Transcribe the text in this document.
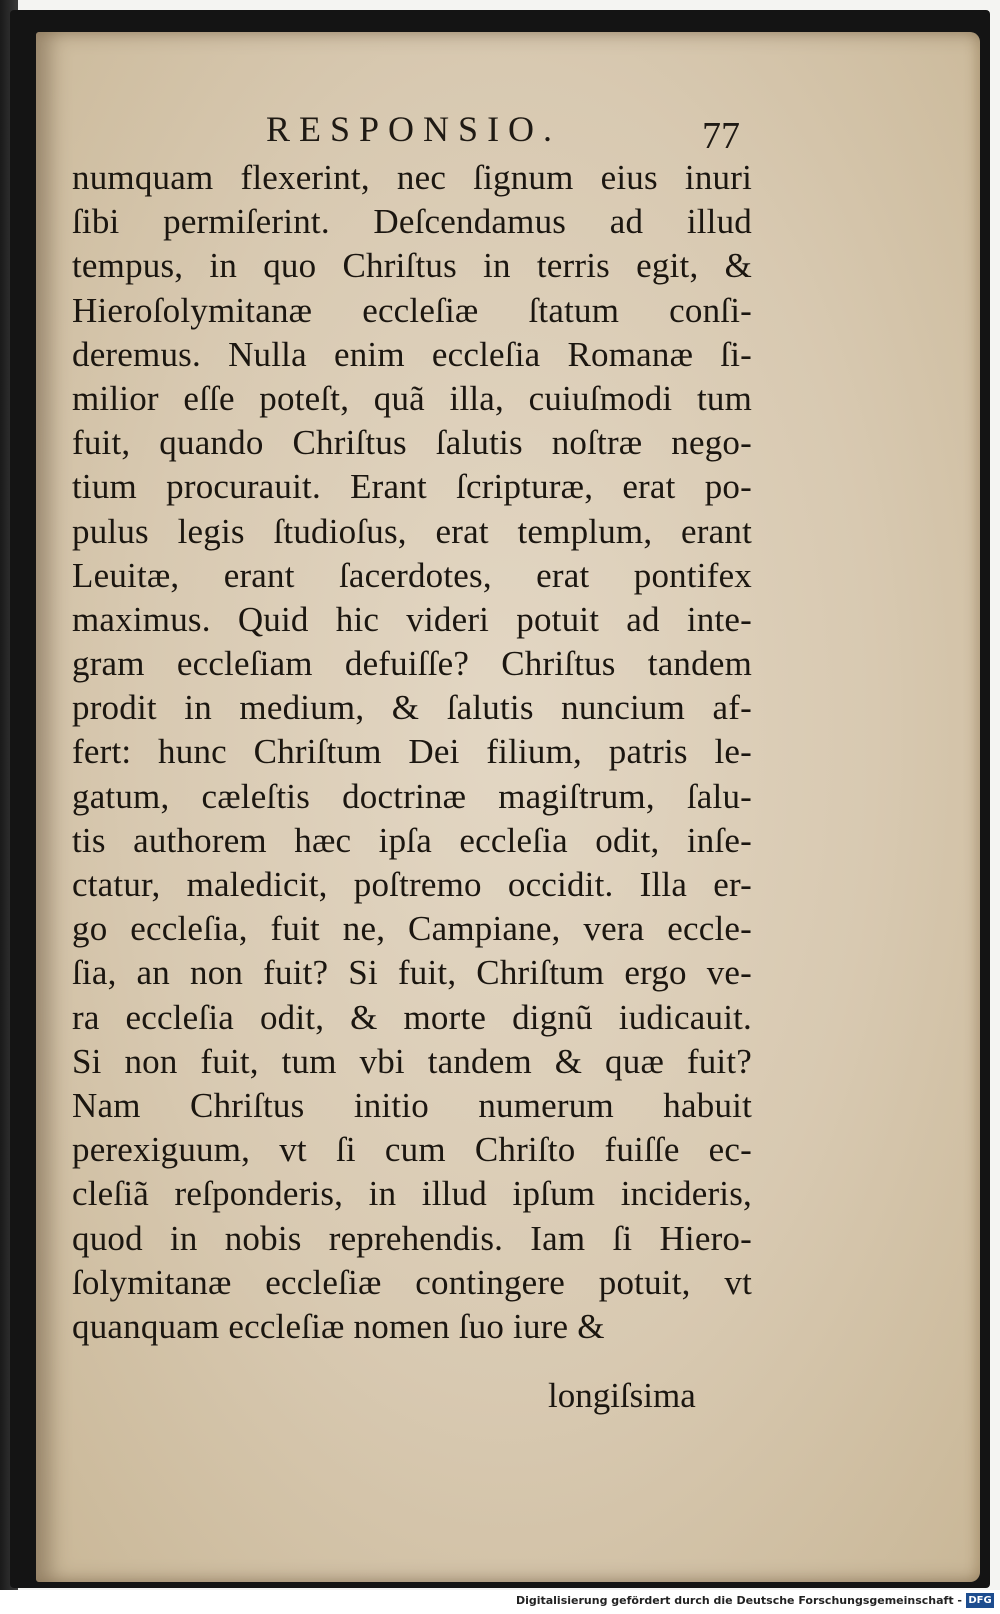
RESPONSIO.	77
numquam flexerint, nec ſignum eius inuri
ſibi permiſerint. Deſcendamus ad illud
tempus, in quo Chriſtus in terris egit, &
Hieroſolymitanæ eccleſiæ ſtatum conſi-
deremus. Nulla enim eccleſia Romanæ ſi-
milior eſſe poteſt, quã illa, cuiuſmodi tum
fuit, quando Chriſtus ſalutis noſtræ nego-
tium procurauit. Erant ſcripturæ, erat po-
pulus legis ſtudioſus, erat templum, erant
Leuitæ, erant ſacerdotes, erat pontifex
maximus. Quid hic videri potuit ad inte-
gram eccleſiam defuiſſe? Chriſtus tandem
prodit in medium, & ſalutis nuncium af-
fert: hunc Chriſtum Dei filium, patris le-
gatum, cæleſtis doctrinæ magiſtrum, ſalu-
tis authorem hæc ipſa eccleſia odit, inſe-
ctatur, maledicit, poſtremo occidit. Illa er-
go eccleſia, fuit ne, Campiane, vera eccle-
ſia, an non fuit? Si fuit, Chriſtum ergo ve-
ra eccleſia odit, & morte dignũ iudicauit.
Si non fuit, tum vbi tandem & quæ fuit?
Nam Chriſtus initio numerum habuit
perexiguum, vt ſi cum Chriſto fuiſſe ec-
cleſiã reſponderis, in illud ipſum incideris,
quod in nobis reprehendis. Iam ſi Hiero-
ſolymitanæ eccleſiæ contingere potuit, vt
quanquam eccleſiæ nomen ſuo iure &
longiſsima
Digitalisierung gefördert durch die Deutsche Forschungsgemeinschaft - DFG
